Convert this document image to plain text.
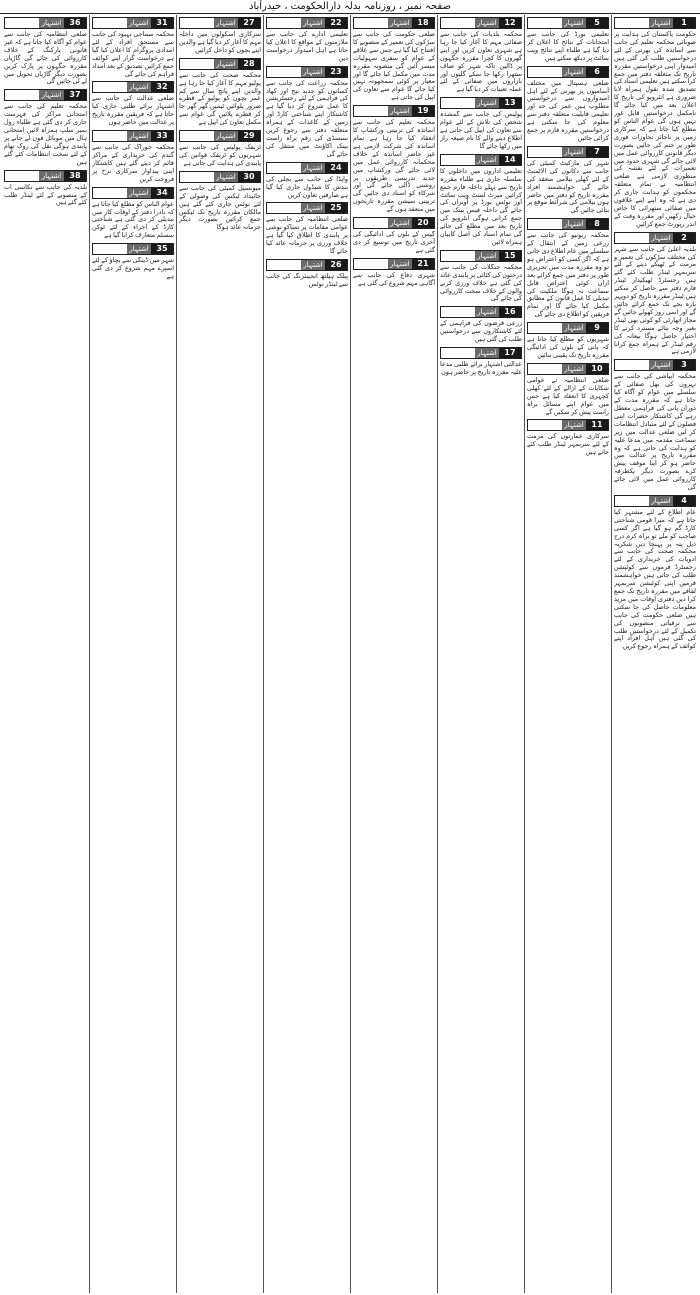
صفحہ نمبر،روزنامہ بدلہ دارالحکومت،حیدرآباد
اشتہار	1
حکومت پاکستان کی ہدایت پر صوبائی محکمہ تعلیم کی جانب سے اساتذہ کی بھرتی کے لئے درخواستیں طلب کی گئی ہیں امیدوار اپنی درخواستیں مقررہ تاریخ تک متعلقہ دفتر میں جمع کرا سکتے ہیں تعلیمی اسناد کی تصدیق شدہ نقول ہمراہ لانا ضروری ہے انٹرویو کی تاریخ کا اعلان بعد میں کیا جائے گا نامکمل درخواستیں قابل غور نہیں ہوں گی عوام الناس کو مطلع کیا جاتا ہے کہ سرکاری زمین پر ناجائز تجاوزات فوری طور پر ختم کی جائیں بصورت دیگر قانونی کارروائی عمل میں لائی جائے گی شہری حدود میں تعمیرات کے لئے نقشہ کی منظوری لازمی ہے ضلعی انتظامیہ نے تمام متعلقہ محکموں کو ہدایت جاری کر دی ہے کہ وہ اپنے اپنے علاقوں میں صفائی ستھرائی کا خاص خیال رکھیں اور مقررہ وقت کے اندر رپورٹ جمع کرائیں
اشتہار	2
بلدیہ اعلیٰ کی جانب سے شہر کی مختلف سڑکوں کی تعمیر و مرمت کے ٹھیکے دینے کے لئے سربمہر ٹینڈر طلب کئے گئے ہیں رجسٹرڈ ٹھیکیدار ٹینڈر فارم دفتر سے حاصل کر سکتے ہیں ٹینڈر مقررہ تاریخ کو دوپہر بارہ بجے تک جمع کرائے جائیں گے اور اسی روز کھولے جائیں گے مجاز اتھارٹی کو کوئی بھی ٹینڈر بغیر وجہ بتائے مسترد کرنے کا اختیار حاصل ہوگا بیعانہ کی رقم ٹینڈر کے ہمراہ جمع کرانا لازمی ہے
اشتہار	3
محکمہ آبپاشی کی جانب سے نہروں کی بھل صفائی کے سلسلے میں عوام کو آگاہ کیا جاتا ہے کہ مقررہ مدت کے دوران پانی کی فراہمی معطل رہے گی کاشتکار حضرات اپنی فصلوں کے لئے متبادل انتظامات کر لیں ضلعی عدالت میں زیر سماعت مقدمہ میں مدعا علیہ کو ہدایت کی جاتی ہے کہ وہ مقررہ تاریخ پر عدالت میں حاضر ہو کر اپنا موقف پیش کرے بصورت دیگر یکطرفہ کارروائی عمل میں لائی جائے گی
اشتہار	4
عام اطلاع کے لئے مشتہر کیا جاتا ہے کہ میرا قومی شناختی کارڈ گم ہو گیا ہے اگر کسی صاحب کو ملے تو براہ کرم درج ذیل پتہ پر پہنچا دیں شکریہ محکمہ صحت کی جانب سے ادویات کی خریداری کے لئے رجسٹرڈ فرموں سے کوٹیشن طلب کی جاتی ہیں خواہشمند فرمیں اپنی کوٹیشن سربمہر لفافے میں مقررہ تاریخ تک جمع کرا دیں دفتری اوقات میں مزید معلومات حاصل کی جا سکتی ہیں ضلعی حکومت کی جانب سے ترقیاتی منصوبوں کی تکمیل کے لئے درخواستیں طلب کی گئی ہیں اہل افراد اپنے کوائف کے ہمراہ رجوع کریں
اشتہار	5
تعلیمی بورڈ کی جانب سے امتحانات کے نتائج کا اعلان کر دیا گیا ہے طلباء اپنے نتائج ویب سائٹ پر دیکھ سکتے ہیں
اشتہار	6
ضلعی ہسپتال میں مختلف آسامیوں پر بھرتی کے لئے اہل امیدواروں سے درخواستیں مطلوب ہیں عمر کی حد اور تعلیمی قابلیت متعلقہ دفتر سے معلوم کی جا سکتی ہے درخواستیں مقررہ فارم پر جمع کرائی جائیں
اشتہار	7
شہر کی مارکیٹ کمیٹی کی جانب سے دکانوں کی الاٹمنٹ کے لئے کھلی نیلامی منعقد کی جائے گی خواہشمند افراد مقررہ تاریخ کو دفتر میں حاضر ہوں نیلامی کی شرائط موقع پر بتائی جائیں گی
اشتہار	8
محکمہ ریونیو کی جانب سے زرعی زمین کے انتقال کے سلسلے میں عام اطلاع دی جاتی ہے کہ اگر کسی کو اعتراض ہو تو وہ مقررہ مدت میں تحریری طور پر دفتر میں جمع کرائے بعد ازاں کوئی اعتراض قابل سماعت نہ ہوگا ملکیت کی تبدیلی کا عمل قانون کے مطابق مکمل کیا جائے گا اور تمام فریقین کو اطلاع دی جائے گی
اشتہار	9
شہریوں کو مطلع کیا جاتا ہے کہ پانی کے بلوں کی ادائیگی مقررہ تاریخ تک یقینی بنائیں
اشتہار 10
ضلعی انتظامیہ نے عوامی شکایات کے ازالے کے لئے کھلی کچہری کا انعقاد کیا ہے جس میں عوام اپنے مسائل براہ راست پیش کر سکیں گے
اشتہار 11
سرکاری عمارتوں کی مرمت کے لئے سربمہر ٹینڈر طلب کئے جاتے ہیں
اشتہار 12
محکمہ بلدیات کی جانب سے صفائی مہم کا آغاز کیا جا رہا ہے شہری تعاون کریں اور اپنے گھروں کا کچرا مقررہ جگہوں پر ڈالیں تاکہ شہر کو صاف ستھرا رکھا جا سکے گلیوں اور بازاروں میں صفائی کے لئے عملہ تعینات کر دیا گیا ہے
اشتہار 13
پولیس کی جانب سے گمشدہ شخص کی تلاش کے لئے عوام سے تعاون کی اپیل کی جاتی ہے اطلاع دینے والے کا نام صیغہ راز میں رکھا جائے گا
اشتہار 14
تعلیمی اداروں میں داخلوں کا سلسلہ جاری ہے طلباء مقررہ تاریخ سے پہلے داخلہ فارم جمع کرائیں میرٹ لسٹ ویب سائٹ اور نوٹس بورڈ پر آویزاں کی جائے گی داخلہ فیس بینک میں جمع کرانی ہوگی انٹرویو کی تاریخ بعد میں مطلع کی جائے گی تمام اسناد کی اصل کاپیاں ہمراہ لائیں
اشتہار 15
محکمہ جنگلات کی جانب سے درختوں کی کٹائی پر پابندی عائد کی گئی ہے خلاف ورزی کرنے والوں کے خلاف سخت کارروائی کی جائے گی
اشتہار 16
زرعی قرضوں کی فراہمی کے لئے کاشتکاروں سے درخواستیں طلب کی گئی ہیں
اشتہار 17
عدالتی اشتہار برائے طلبی مدعا علیہ مقررہ تاریخ پر حاضر ہوں
اشتہار 18
ضلعی حکومت کی جانب سے سڑکوں کی تعمیر کے منصوبے کا افتتاح کیا گیا ہے جس سے علاقے کے عوام کو سفری سہولیات میسر آئیں گی منصوبہ مقررہ مدت میں مکمل کیا جائے گا اور معیار پر کوئی سمجھوتہ نہیں کیا جائے گا عوام سے تعاون کی اپیل کی جاتی ہے
اشتہار 19
محکمہ تعلیم کی جانب سے اساتذہ کی تربیتی ورکشاپ کا انعقاد کیا جا رہا ہے تمام اساتذہ کی شرکت لازمی ہے غیر حاضر اساتذہ کے خلاف محکمانہ کارروائی عمل میں لائی جائے گی ورکشاپ میں جدید تدریسی طریقوں پر روشنی ڈالی جائے گی اور شرکاء کو اسناد دی جائیں گی تربیتی سیشن مقررہ تاریخوں میں منعقد ہوں گے
اشتہار 20
گیس کے بلوں کی ادائیگی کی آخری تاریخ میں توسیع کر دی گئی ہے
اشتہار 21
شہری دفاع کی جانب سے آگاہی مہم شروع کی گئی ہے
اشتہار 22
تعلیمی ادارے کی جانب سے ملازمتوں کے مواقع کا اعلان کیا جاتا ہے اہل امیدوار درخواست دیں
اشتہار 23
محکمہ زراعت کی جانب سے کسانوں کو جدید بیج اور کھاد کی فراہمی کے لئے رجسٹریشن کا عمل شروع کر دیا گیا ہے کاشتکار اپنے شناختی کارڈ اور زمین کے کاغذات کے ہمراہ متعلقہ دفتر سے رجوع کریں سبسڈی کی رقم براہ راست بینک اکاؤنٹ میں منتقل کی جائے گی
اشتہار 24
واپڈا کی جانب سے بجلی کی بندش کا شیڈول جاری کیا گیا ہے صارفین تعاون کریں
اشتہار 25
ضلعی انتظامیہ کی جانب سے عوامی مقامات پر تمباکو نوشی پر پابندی کا اطلاق کیا گیا ہے خلاف ورزی پر جرمانہ عائد کیا جائے گا
اشتہار 26
پبلک ہیلتھ انجینئرنگ کی جانب سے ٹینڈر نوٹس
اشتہار 27
سرکاری اسکولوں میں داخلہ مہم کا آغاز کر دیا گیا ہے والدین اپنے بچوں کو داخل کرائیں
اشتہار 28
محکمہ صحت کی جانب سے پولیو مہم کا آغاز کیا جا رہا ہے والدین اپنے پانچ سال سے کم عمر بچوں کو پولیو کے قطرے ضرور پلوائیں ٹیمیں گھر گھر جا کر قطرے پلائیں گی عوام سے مکمل تعاون کی اپیل ہے
اشتہار 29
ٹریفک پولیس کی جانب سے شہریوں کو ٹریفک قوانین کی پابندی کی ہدایت کی جاتی ہے
اشتہار 30
میونسپل کمیٹی کی جانب سے جائیداد ٹیکس کی وصولی کے لئے نوٹس جاری کئے گئے ہیں مالکان مقررہ تاریخ تک ٹیکس جمع کرائیں بصورت دیگر جرمانہ عائد ہوگا
اشتہار 31
محکمہ سماجی بہبود کی جانب سے مستحق افراد کے لئے امدادی پروگرام کا اعلان کیا گیا ہے درخواست گزار اپنے کوائف جمع کرائیں تصدیق کے بعد امداد فراہم کی جائے گی
اشتہار 32
ضلعی عدالت کی جانب سے اشتہار برائے طلبی جاری کیا جاتا ہے کہ فریقین مقررہ تاریخ پر عدالت میں حاضر ہوں
اشتہار 33
محکمہ خوراک کی جانب سے گندم کی خریداری کے مراکز قائم کر دیئے گئے ہیں کاشتکار اپنی پیداوار سرکاری نرخ پر فروخت کریں
اشتہار 34
عوام الناس کو مطلع کیا جاتا ہے کہ نادرا دفتر کے اوقات کار میں تبدیلی کر دی گئی ہے شناختی کارڈ کے اجراء کے لئے ٹوکن سسٹم متعارف کرایا گیا ہے
اشتہار 35
شہر میں ڈینگی سے بچاؤ کے لئے اسپرے مہم شروع کر دی گئی ہے
اشتہار	36
ضلعی انتظامیہ کی جانب سے عوام کو آگاہ کیا جاتا ہے کہ غیر قانونی پارکنگ کے خلاف کارروائی کی جائے گی گاڑیاں مقررہ جگہوں پر پارک کریں بصورت دیگر گاڑیاں تحویل میں لے لی جائیں گی
اشتہار	37
محکمہ تعلیم کی جانب سے امتحانی مراکز کی فہرست جاری کر دی گئی ہے طلباء رول نمبر سلپ ہمراہ لائیں امتحانی ہال میں موبائل فون لے جانے پر پابندی ہوگی نقل کی روک تھام کے لئے سخت انتظامات کئے گئے ہیں
اشتہار	38
بلدیہ کی جانب سے نکاسی آب کے منصوبے کے لئے ٹینڈر طلب کئے گئے ہیں
